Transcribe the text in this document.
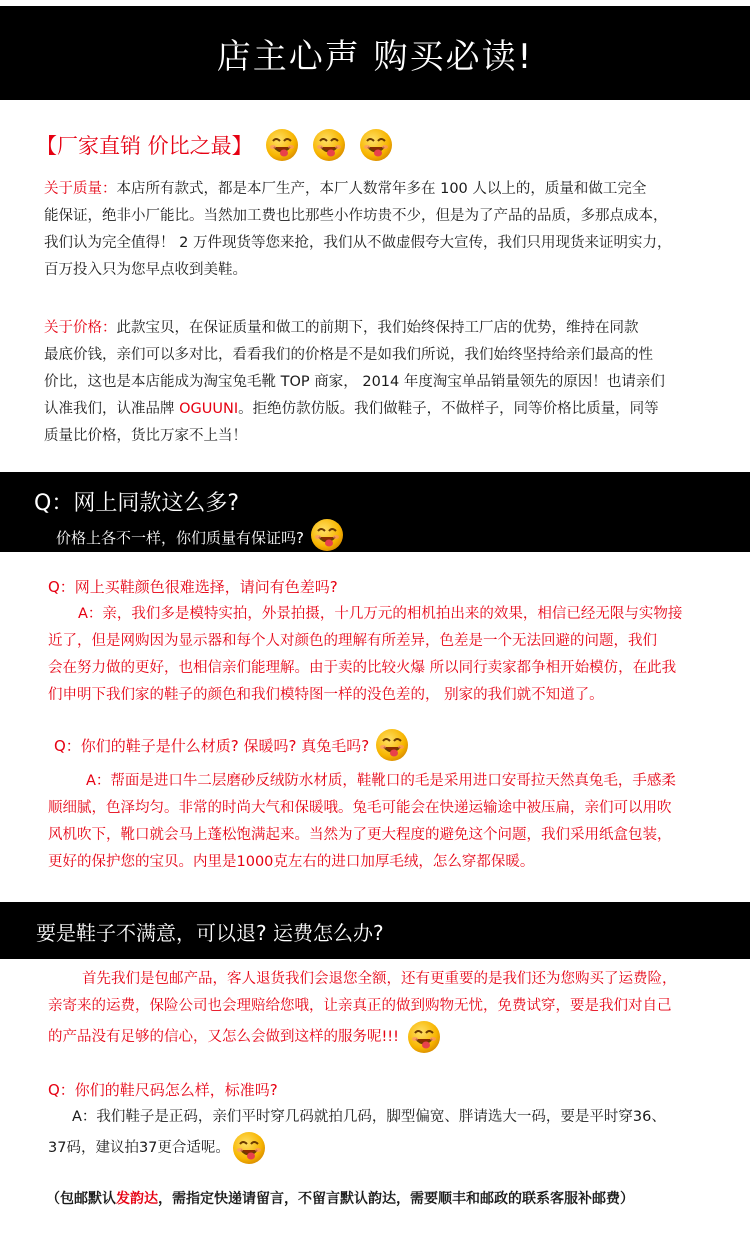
店主心声 购买必读!
【厂家直销 价比之最】

关于质量：本店所有款式，都是本厂生产，本厂人数常年多在 100 人以上的，质量和做工完全

能保证，绝非小厂能比。当然加工费也比那些小作坊贵不少，但是为了产品的品质，多那点成本，

我们认为完全值得！ 2 万件现货等您来抢，我们从不做虚假夸大宣传，我们只用现货来证明实力，

百万投入只为您早点收到美鞋。

关于价格：此款宝贝，在保证质量和做工的前期下，我们始终保持工厂店的优势，维持在同款

最底价钱，亲们可以多对比，看看我们的价格是不是如我们所说，我们始终坚持给亲们最高的性

价比，这也是本店能成为淘宝兔毛靴 TOP 商家， 2014 年度淘宝单品销量领先的原因！也请亲们

认准我们，认准品牌 OGUUNI。拒绝仿款仿版。我们做鞋子，不做样子，同等价格比质量，同等

质量比价格，货比万家不上当！

Q：网上同款这么多?
价格上各不一样，你们质量有保证吗?

Q：网上买鞋颜色很难选择，请问有色差吗?

A：亲，我们多是模特实拍，外景拍摄，十几万元的相机拍出来的效果，相信已经无限与实物接

近了，但是网购因为显示器和每个人对颜色的理解有所差异，色差是一个无法回避的问题，我们

会在努力做的更好，也相信亲们能理解。由于卖的比较火爆 所以同行卖家都争相开始模仿，在此我

们申明下我们家的鞋子的颜色和我们模特图一样的没色差的， 别家的我们就不知道了。

Q：你们的鞋子是什么材质? 保暖吗? 真兔毛吗?

A：帮面是进口牛二层磨砂反绒防水材质，鞋靴口的毛是采用进口安哥拉天然真兔毛，手感柔

顺细腻，色泽均匀。非常的时尚大气和保暖哦。兔毛可能会在快递运输途中被压扁，亲们可以用吹

风机吹下，靴口就会马上蓬松饱满起来。当然为了更大程度的避免这个问题，我们采用纸盒包装，

更好的保护您的宝贝。内里是1000克左右的进口加厚毛绒，怎么穿都保暖。

要是鞋子不满意，可以退? 运费怎么办?

首先我们是包邮产品，客人退货我们会退您全额，还有更重要的是我们还为您购买了运费险，

亲寄来的运费，保险公司也会理赔给您哦，让亲真正的做到购物无忧，免费试穿，要是我们对自己

的产品没有足够的信心，又怎么会做到这样的服务呢!!!

Q：你们的鞋尺码怎么样，标准吗?

A：我们鞋子是正码，亲们平时穿几码就拍几码，脚型偏宽、胖请选大一码，要是平时穿36、

37码，建议拍37更合适呢。

（包邮默认发韵达，需指定快递请留言，不留言默认韵达，需要顺丰和邮政的联系客服补邮费）
